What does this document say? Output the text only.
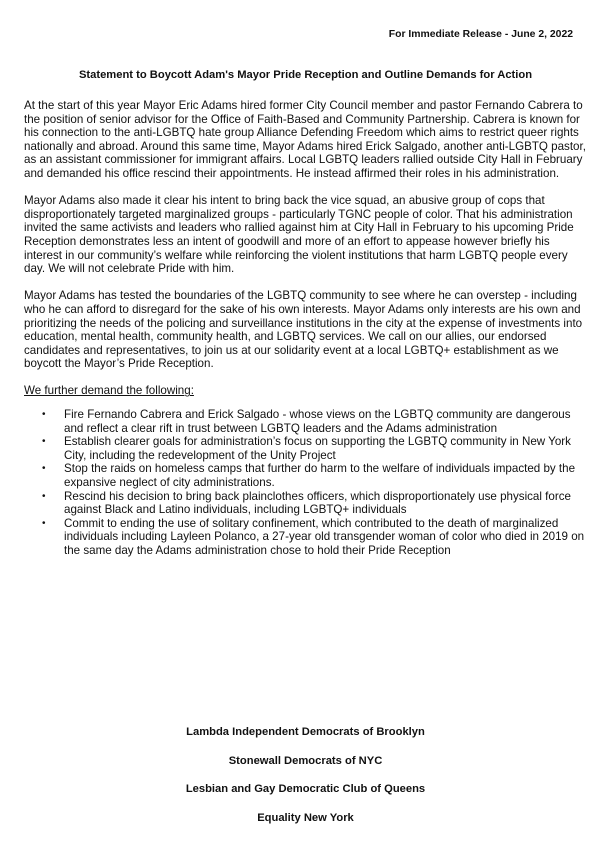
For Immediate Release - June 2, 2022
Statement to Boycott Adam's Mayor Pride Reception and Outline Demands for Action

At the start of this year Mayor Eric Adams hired former City Council member and pastor Fernando Cabrera to the position of senior advisor for the Office of Faith-Based and Community Partnership. Cabrera is known for his connection to the anti-LGBTQ hate group Alliance Defending Freedom which aims to restrict queer rights nationally and abroad. Around this same time, Mayor Adams hired Erick Salgado, another anti-LGBTQ pastor, as an assistant commissioner for immigrant affairs. Local LGBTQ leaders rallied outside City Hall in February and demanded his office rescind their appointments. He instead affirmed their roles in his administration.

Mayor Adams also made it clear his intent to bring back the vice squad, an abusive group of cops that disproportionately targeted marginalized groups - particularly TGNC people of color. That his administration invited the same activists and leaders who rallied against him at City Hall in February to his upcoming Pride Reception demonstrates less an intent of goodwill and more of an effort to appease however briefly his interest in our community’s welfare while reinforcing the violent institutions that harm LGBTQ people every day. We will not celebrate Pride with him.

Mayor Adams has tested the boundaries of the LGBTQ community to see where he can overstep - including who he can afford to disregard for the sake of his own interests. Mayor Adams only interests are his own and prioritizing the needs of the policing and surveillance institutions in the city at the expense of investments into education, mental health, community health, and LGBTQ services. We call on our allies, our endorsed candidates and representatives, to join us at our solidarity event at a local LGBTQ+ establishment as we boycott the Mayor’s Pride Reception.

We further demand the following:

• Fire Fernando Cabrera and Erick Salgado - whose views on the LGBTQ community are dangerous and reflect a clear rift in trust between LGBTQ leaders and the Adams administration
• Establish clearer goals for administration’s focus on supporting the LGBTQ community in New York City, including the redevelopment of the Unity Project
• Stop the raids on homeless camps that further do harm to the welfare of individuals impacted by the expansive neglect of city administrations.
• Rescind his decision to bring back plainclothes officers, which disproportionately use physical force against Black and Latino individuals, including LGBTQ+ individuals
• Commit to ending the use of solitary confinement, which contributed to the death of marginalized individuals including Layleen Polanco, a 27-year old transgender woman of color who died in 2019 on the same day the Adams administration chose to hold their Pride Reception
Lambda Independent Democrats of Brooklyn
Stonewall Democrats of NYC
Lesbian and Gay Democratic Club of Queens
Equality New York
